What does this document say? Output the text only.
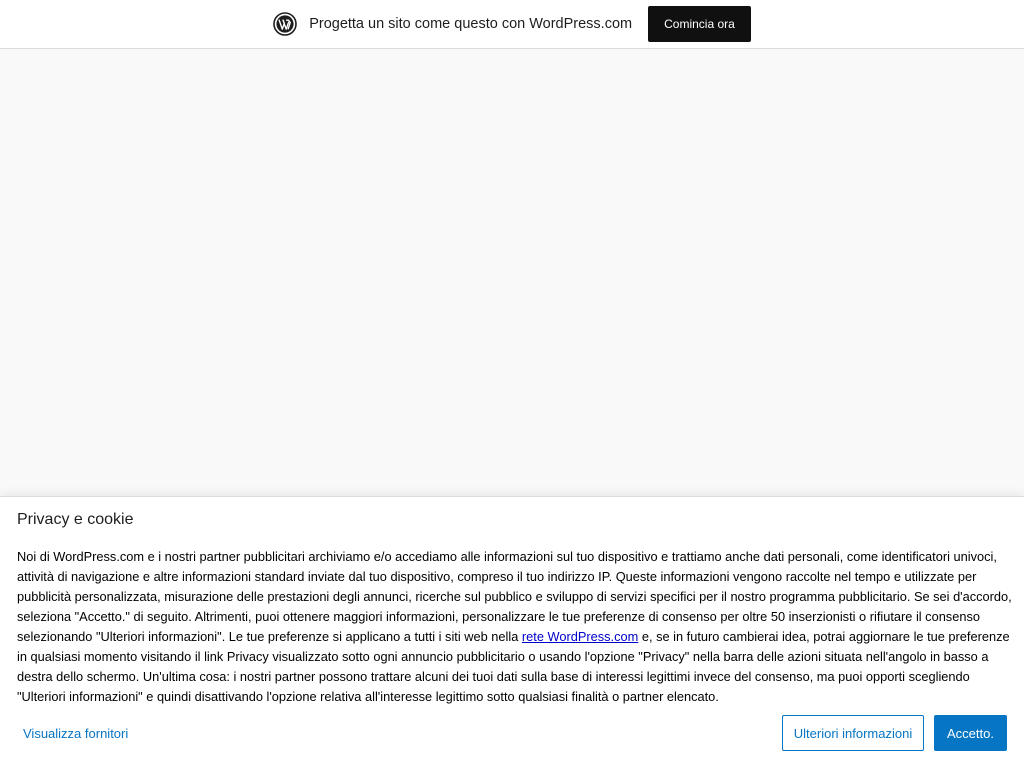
Progetta un sito come questo con WordPress.com	Comincia ora
Privacy e cookie

Noi di WordPress.com e i nostri partner pubblicitari archiviamo e/o accediamo alle informazioni sul tuo dispositivo e trattiamo anche dati personali, come identificatori univoci, attività di navigazione e altre informazioni standard inviate dal tuo dispositivo, compreso il tuo indirizzo IP. Queste informazioni vengono raccolte nel tempo e utilizzate per pubblicità personalizzata, misurazione delle prestazioni degli annunci, ricerche sul pubblico e sviluppo di servizi specifici per il nostro programma pubblicitario. Se sei d'accordo, seleziona "Accetto." di seguito. Altrimenti, puoi ottenere maggiori informazioni, personalizzare le tue preferenze di consenso per oltre 50 inserzionisti o rifiutare il consenso selezionando "Ulteriori informazioni". Le tue preferenze si applicano a tutti i siti web nella rete WordPress.com e, se in futuro cambierai idea, potrai aggiornare le tue preferenze in qualsiasi momento visitando il link Privacy visualizzato sotto ogni annuncio pubblicitario o usando l'opzione "Privacy" nella barra delle azioni situata nell'angolo in basso a destra dello schermo. Un'ultima cosa: i nostri partner possono trattare alcuni dei tuoi dati sulla base di interessi legittimi invece del consenso, ma puoi opporti scegliendo "Ulteriori informazioni" e quindi disattivando l'opzione relativa all'interesse legittimo sotto qualsiasi finalità o partner elencato.

Visualizza fornitori	Ulteriori informazioni	Accetto.
